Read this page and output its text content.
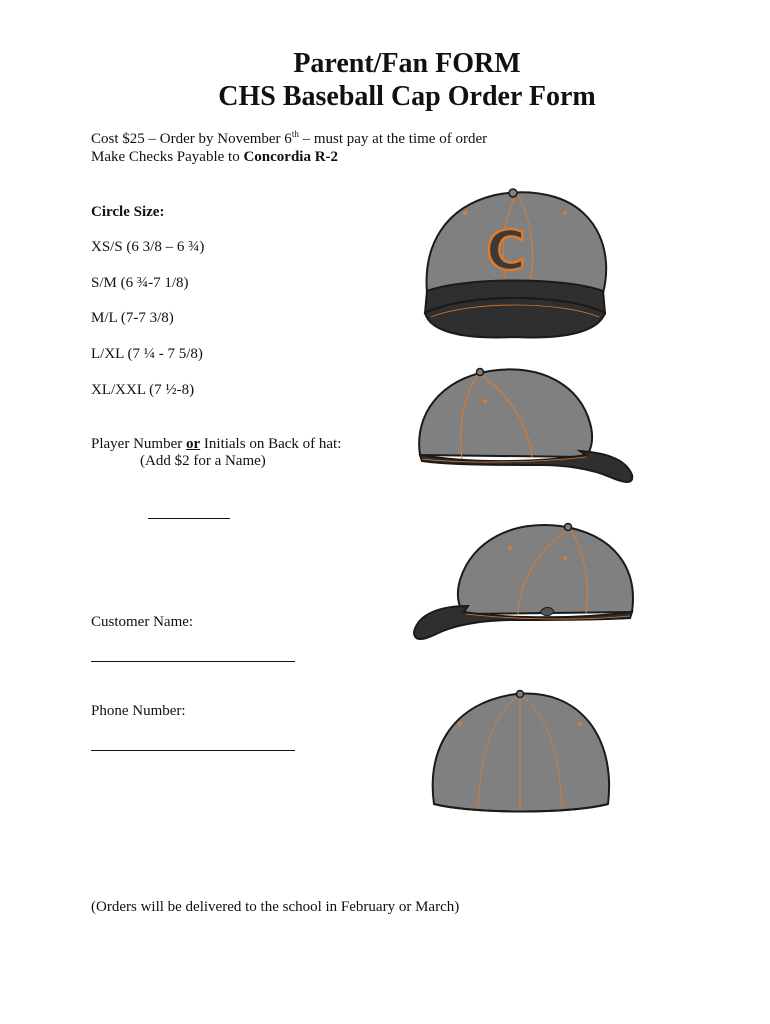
Parent/Fan FORM
CHS Baseball Cap Order Form
Cost $25 – Order by November 6th – must pay at the time of order
Make Checks Payable to Concordia R-2
Circle Size:
XS/S (6 3/8 – 6 ¾)
S/M (6 ¾-7 1/8)
M/L (7-7 3/8)
L/XL (7 ¼ - 7 5/8)
XL/XXL (7 ½-8)
Player Number or Initials on Back of hat:
(Add $2 for a Name)
Customer Name:
Phone Number:
(Orders will be delivered to the school in February or March)
C
